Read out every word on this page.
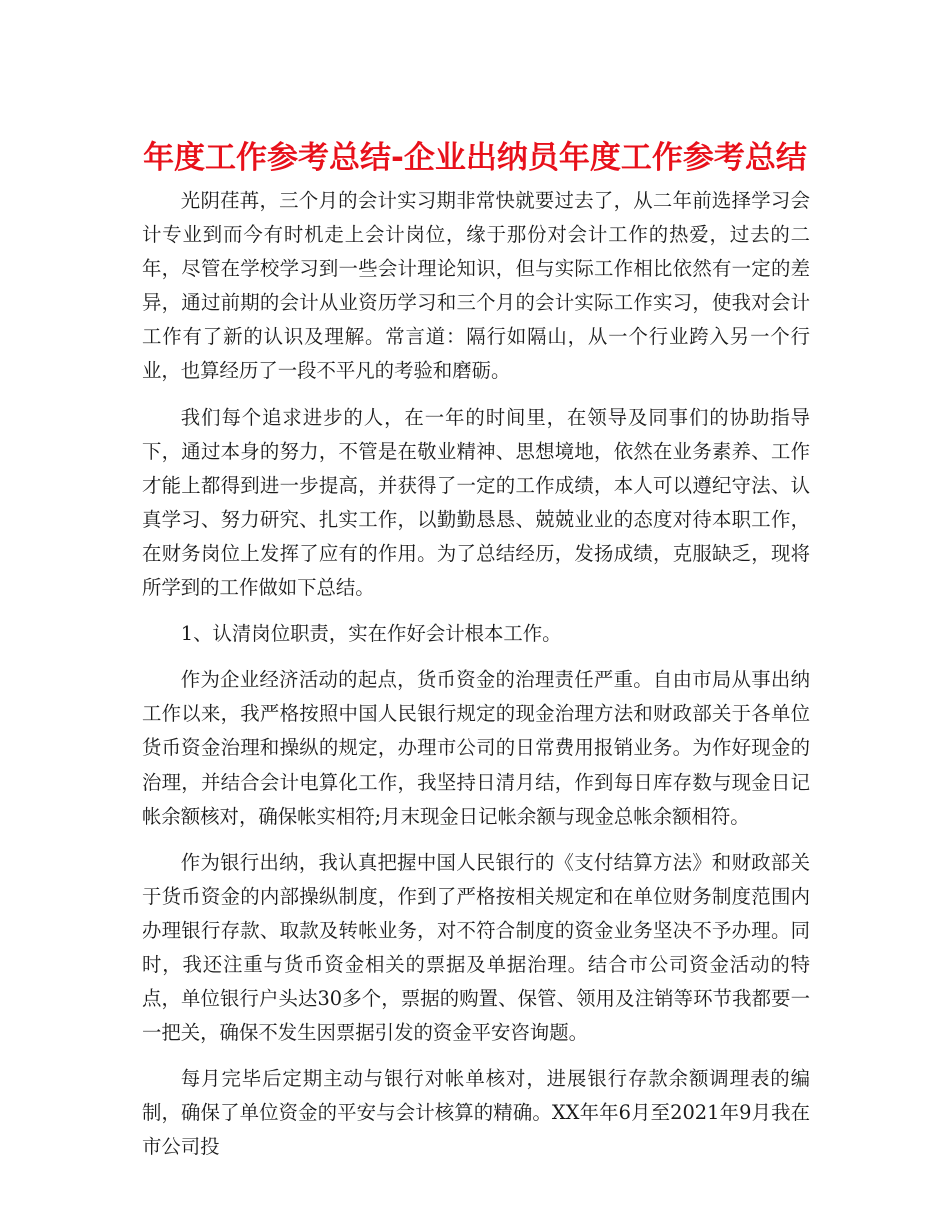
年度工作参考总结-企业出纳员年度工作参考总结

光阴荏苒，三个月的会计实习期非常快就要过去了，从二年前选择学习会计专业到而今有时机走上会计岗位，缘于那份对会计工作的热爱，过去的二年，尽管在学校学习到一些会计理论知识，但与实际工作相比依然有一定的差异，通过前期的会计从业资历学习和三个月的会计实际工作实习，使我对会计工作有了新的认识及理解。常言道：隔行如隔山，从一个行业跨入另一个行业，也算经历了一段不平凡的考验和磨砺。

我们每个追求进步的人，在一年的时间里，在领导及同事们的协助指导下，通过本身的努力，不管是在敬业精神、思想境地，依然在业务素养、工作才能上都得到进一步提高，并获得了一定的工作成绩，本人可以遵纪守法、认真学习、努力研究、扎实工作，以勤勤恳恳、兢兢业业的态度对待本职工作，在财务岗位上发挥了应有的作用。为了总结经历，发扬成绩，克服缺乏，现将所学到的工作做如下总结。

1、认清岗位职责，实在作好会计根本工作。

作为企业经济活动的起点，货币资金的治理责任严重。自由市局从事出纳工作以来，我严格按照中国人民银行规定的现金治理方法和财政部关于各单位货币资金治理和操纵的规定，办理市公司的日常费用报销业务。为作好现金的治理，并结合会计电算化工作，我坚持日清月结，作到每日库存数与现金日记帐余额核对，确保帐实相符;月末现金日记帐余额与现金总帐余额相符。

作为银行出纳，我认真把握中国人民银行的《支付结算方法》和财政部关于货币资金的内部操纵制度，作到了严格按相关规定和在单位财务制度范围内办理银行存款、取款及转帐业务，对不符合制度的资金业务坚决不予办理。同时，我还注重与货币资金相关的票据及单据治理。结合市公司资金活动的特点，单位银行户头达30多个，票据的购置、保管、领用及注销等环节我都要一一把关，确保不发生因票据引发的资金平安咨询题。

每月完毕后定期主动与银行对帐单核对，进展银行存款余额调理表的编制，确保了单位资金的平安与会计核算的精确。XX年年6月至2021年9月我在市公司投
